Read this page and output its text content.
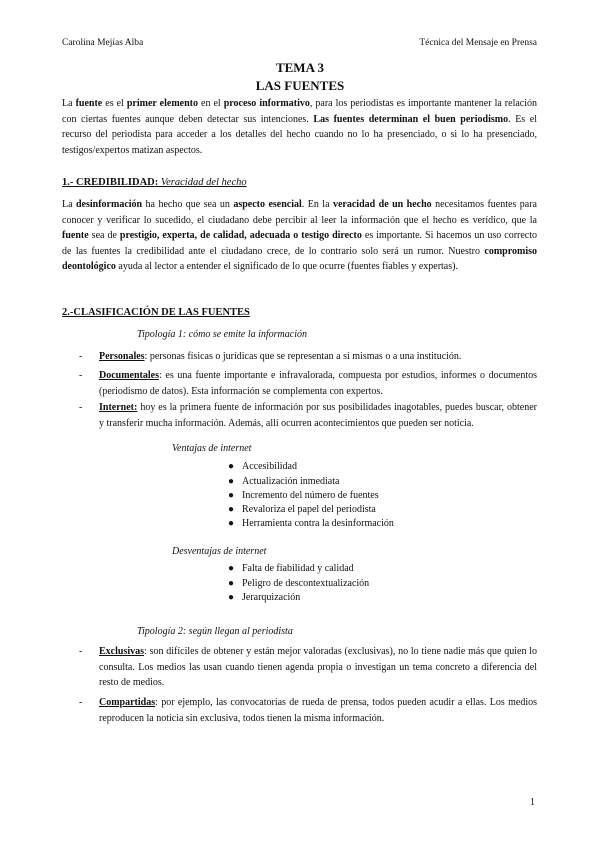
Carolina Mejías Alba	Técnica del Mensaje en Prensa
TEMA 3
LAS FUENTES
La fuente es el primer elemento en el proceso informativo, para los periodistas es importante mantener la relación con ciertas fuentes aunque deben detectar sus intenciones. Las fuentes determinan el buen periodismo. Es el recurso del periodista para acceder a los detalles del hecho cuando no lo ha presenciado, o si lo ha presenciado, testigos/expertos matizan aspectos.
1.- CREDIBILIDAD: Veracidad del hecho
La desinformación ha hecho que sea un aspecto esencial. En la veracidad de un hecho necesitamos fuentes para conocer y verificar lo sucedido, el ciudadano debe percibir al leer la información que el hecho es verídico, que la fuente sea de prestigio, experta, de calidad, adecuada o testigo directo es importante. Si hacemos un uso correcto de las fuentes la credibilidad ante el ciudadano crece, de lo contrario solo será un rumor. Nuestro compromiso deontológico ayuda al lector a entender el significado de lo que ocurre (fuentes fiables y expertas).
2.-CLASIFICACIÓN DE LAS FUENTES
Tipología 1: cómo se emite la información
- Personales: personas físicas o jurídicas que se representan a sí mismas o a una institución.
- Documentales: es una fuente importante e infravalorada, compuesta por estudios, informes o documentos (periodismo de datos). Esta información se complementa con expertos.
- Internet: hoy es la primera fuente de información por sus posibilidades inagotables, puedes buscar, obtener y transferir mucha información. Además, allí ocurren acontecimientos que pueden ser noticia.
Ventajas de internet
● Accesibilidad
● Actualización inmediata
● Incremento del número de fuentes
● Revaloriza el papel del periodista
● Herramienta contra la desinformación
Desventajas de internet
● Falta de fiabilidad y calidad
● Peligro de descontextualización
● Jerarquización
Tipología 2: según llegan al periodista
- Exclusivas: son difíciles de obtener y están mejor valoradas (exclusivas), no lo tiene nadie más que quien lo consulta. Los medios las usan cuando tienen agenda propia o investigan un tema concreto a diferencia del resto de medios.
- Compartidas: por ejemplo, las convocatorias de rueda de prensa, todos pueden acudir a ellas. Los medios reproducen la noticia sin exclusiva, todos tienen la misma información.
1
